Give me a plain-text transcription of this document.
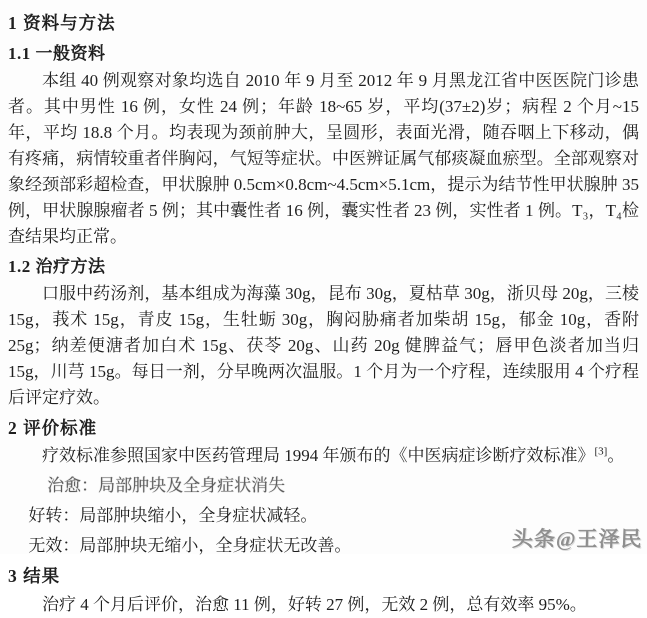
1 资料与方法
1.1 一般资料

本组 40 例观察对象均选自 2010 年 9 月至 2012 年 9 月黑龙江省中医医院门诊患者。其中男性 16 例，女性 24 例；年龄 18~65 岁，平均(37±2)岁；病程 2 个月~15 年，平均 18.8 个月。均表现为颈前肿大，呈圆形，表面光滑，随吞咽上下移动，偶有疼痛，病情较重者伴胸闷，气短等症状。中医辨证属气郁痰凝血瘀型。全部观察对象经颈部彩超检查，甲状腺肿 0.5cm×0.8cm~4.5cm×5.1cm，提示为结节性甲状腺肿 35 例，甲状腺腺瘤者 5 例；其中囊性者 16 例，囊实性者 23 例，实性者 1 例。T₃，T₄检查结果均正常。

1.2 治疗方法

口服中药汤剂，基本组成为海藻 30g，昆布 30g，夏枯草 30g，浙贝母 20g，三棱 15g，莪术 15g，青皮 15g，生牡蛎 30g，胸闷胁痛者加柴胡 15g，郁金 10g，香附 25g；纳差便溏者加白术 15g、茯苓 20g、山药 20g 健脾益气；唇甲色淡者加当归 15g，川芎 15g。每日一剂，分早晚两次温服。1 个月为一个疗程，连续服用 4 个疗程后评定疗效。

2 评价标准

疗效标准参照国家中医药管理局 1994 年颁布的《中医病症诊断疗效标准》[3]。

治愈：局部肿块及全身症状消失

好转：局部肿块缩小，全身症状减轻。

无效：局部肿块无缩小，全身症状无改善。

3 结果

治疗 4 个月后评价，治愈 11 例，好转 27 例，无效 2 例，总有效率 95%。

头条@王泽民
